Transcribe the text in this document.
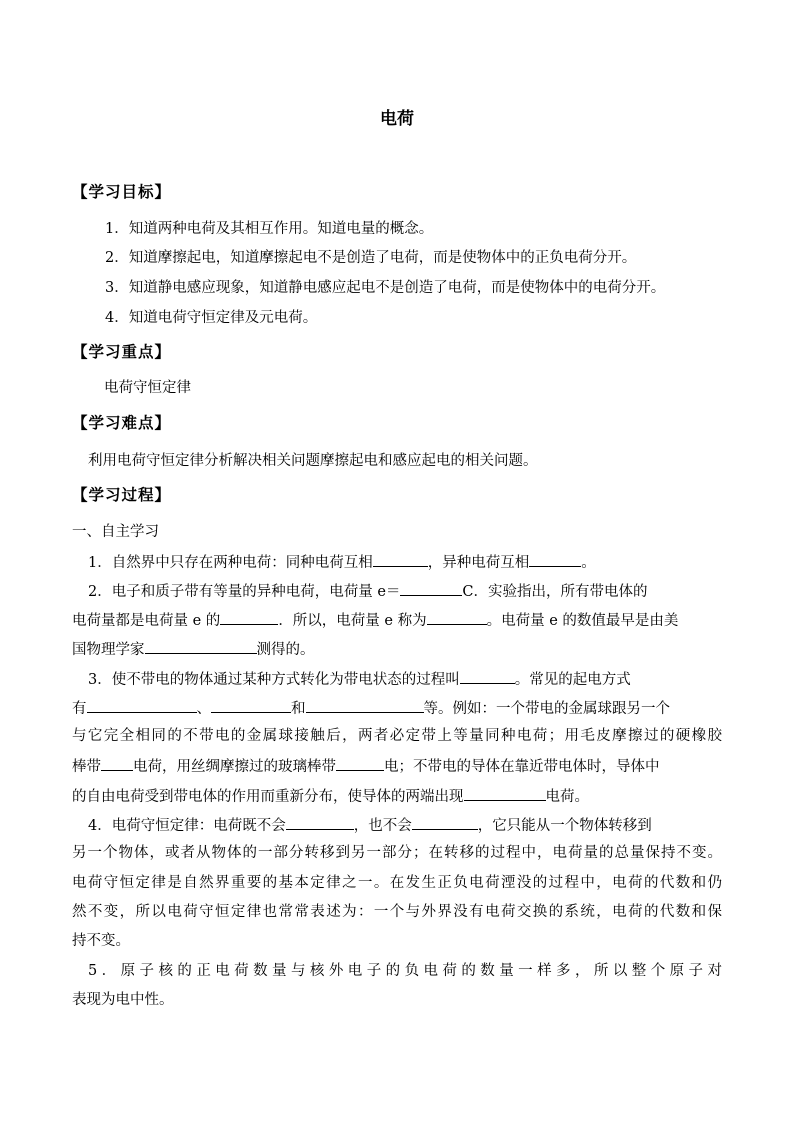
电荷
【学习目标】
1．知道两种电荷及其相互作用。知道电量的概念。
2．知道摩擦起电，知道摩擦起电不是创造了电荷，而是使物体中的正负电荷分开。
3．知道静电感应现象，知道静电感应起电不是创造了电荷，而是使物体中的电荷分开。
4．知道电荷守恒定律及元电荷。
【学习重点】
电荷守恒定律
【学习难点】
利用电荷守恒定律分析解决相关问题摩擦起电和感应起电的相关问题。
【学习过程】
一、自主学习
1．自然界中只存在两种电荷：同种电荷互相	，异种电荷互相	。
2．电子和质子带有等量的异种电荷，电荷量 e＝	C．实验指出，所有带电体的
电荷量都是电荷量 e 的	．所以，电荷量 e 称为	。电荷量 e 的数值最早是由美
国物理学家	测得的。
3．使不带电的物体通过某种方式转化为带电状态的过程叫	。常见的起电方式
有	、	和	等。例如：一个带电的金属球跟另一个
与它完全相同的不带电的金属球接触后，两者必定带上等量同种电荷；用毛皮摩擦过的硬橡胶
棒带 电荷，用丝绸摩擦过的玻璃棒带	电；不带电的导体在靠近带电体时，导体中
的自由电荷受到带电体的作用而重新分布，使导体的两端出现	电荷。
4．电荷守恒定律：电荷既不会	，也不会	，它只能从一个物体转移到
另一个物体，或者从物体的一部分转移到另一部分；在转移的过程中，电荷量的总量保持不变。
电荷守恒定律是自然界重要的基本定律之一。在发生正负电荷湮没的过程中，电荷的代数和仍
然不变，所以电荷守恒定律也常常表述为：一个与外界没有电荷交换的系统，电荷的代数和保
持不变。
5．原子核的正电荷数量与核外电子的负电荷的数量一样多，所以整个原子对
表现为电中性。
